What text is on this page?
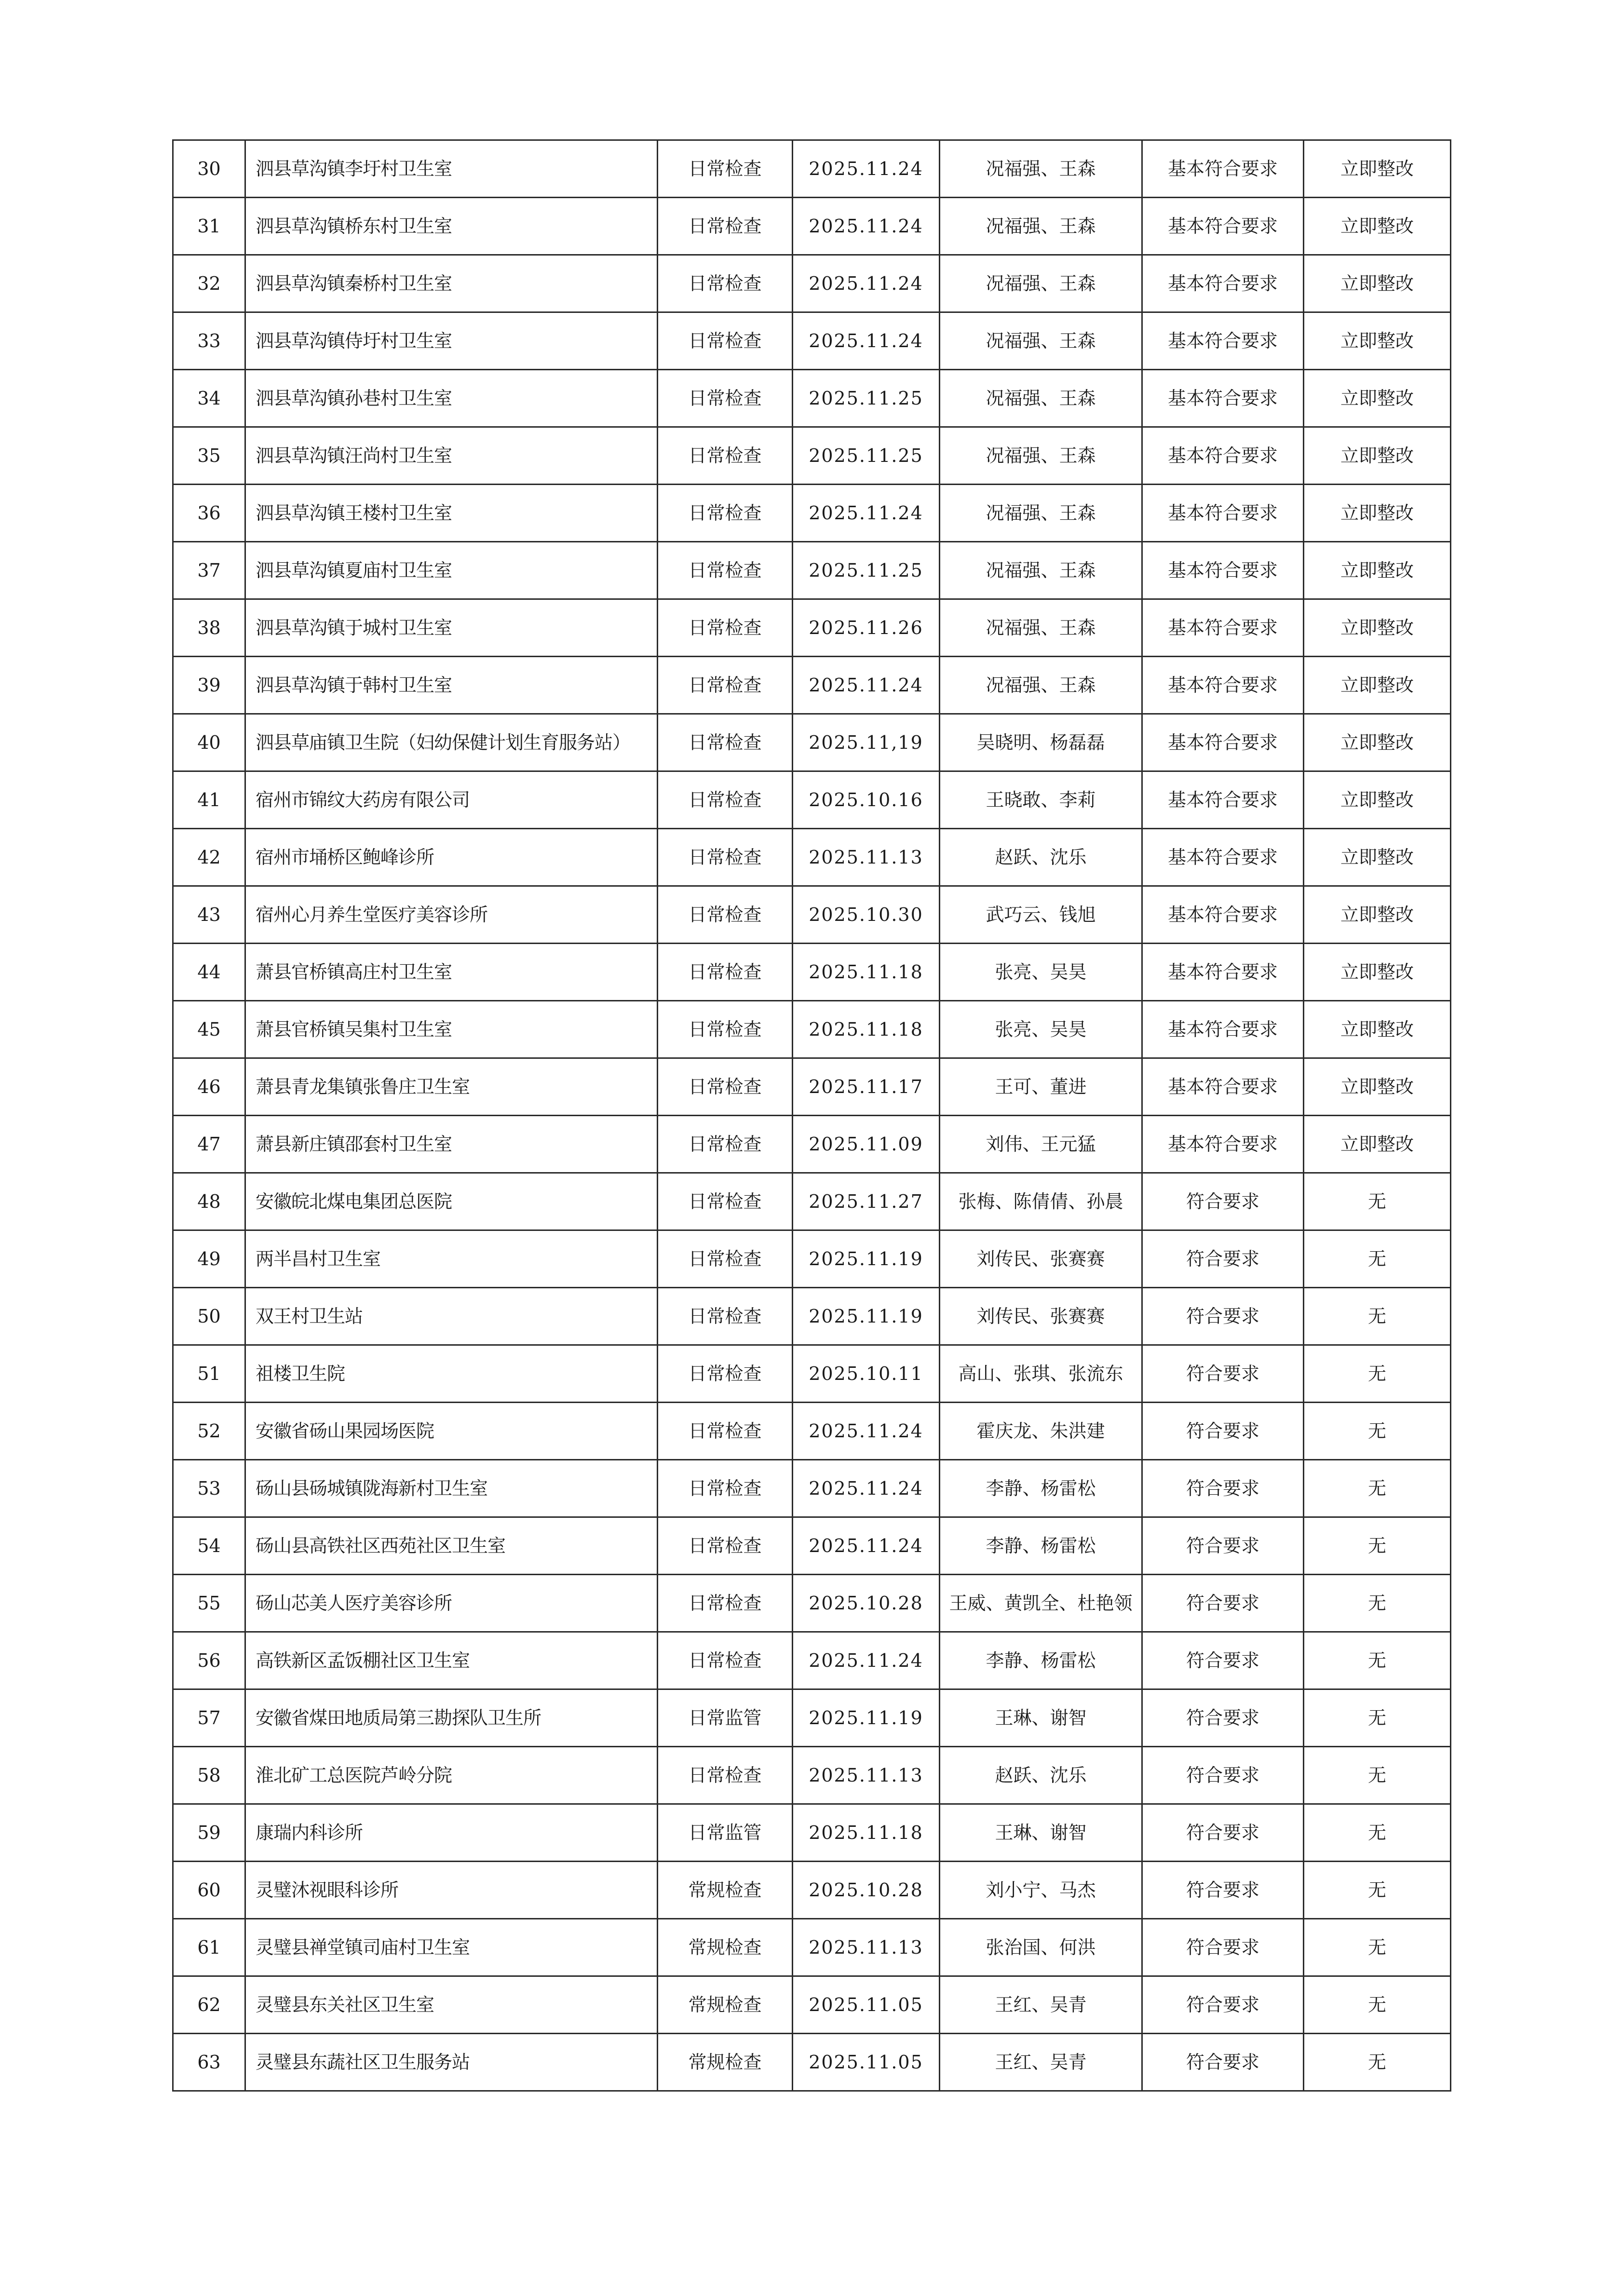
30	泗县草沟镇李圩村卫生室	日常检查	2025.11.24	况福强、王森	基本符合要求	立即整改
31	泗县草沟镇桥东村卫生室	日常检查	2025.11.24	况福强、王森	基本符合要求	立即整改
32	泗县草沟镇秦桥村卫生室	日常检查	2025.11.24	况福强、王森	基本符合要求	立即整改
33	泗县草沟镇侍圩村卫生室	日常检查	2025.11.24	况福强、王森	基本符合要求	立即整改
34	泗县草沟镇孙巷村卫生室	日常检查	2025.11.25	况福强、王森	基本符合要求	立即整改
35	泗县草沟镇汪尚村卫生室	日常检查	2025.11.25	况福强、王森	基本符合要求	立即整改
36	泗县草沟镇王楼村卫生室	日常检查	2025.11.24	况福强、王森	基本符合要求	立即整改
37	泗县草沟镇夏庙村卫生室	日常检查	2025.11.25	况福强、王森	基本符合要求	立即整改
38	泗县草沟镇于城村卫生室	日常检查	2025.11.26	况福强、王森	基本符合要求	立即整改
39	泗县草沟镇于韩村卫生室	日常检查	2025.11.24	况福强、王森	基本符合要求	立即整改
40	泗县草庙镇卫生院（妇幼保健计划生育服务站）	日常检查	2025.11,19	吴晓明、杨磊磊	基本符合要求	立即整改
41	宿州市锦纹大药房有限公司	日常检查	2025.10.16	王晓敢、李莉	基本符合要求	立即整改
42	宿州市埇桥区鲍峰诊所	日常检查	2025.11.13	赵跃、沈乐	基本符合要求	立即整改
43	宿州心月养生堂医疗美容诊所	日常检查	2025.10.30	武巧云、钱旭	基本符合要求	立即整改
44	萧县官桥镇高庄村卫生室	日常检查	2025.11.18	张亮、吴昊	基本符合要求	立即整改
45	萧县官桥镇吴集村卫生室	日常检查	2025.11.18	张亮、吴昊	基本符合要求	立即整改
46	萧县青龙集镇张鲁庄卫生室	日常检查	2025.11.17	王可、董进	基本符合要求	立即整改
47	萧县新庄镇邵套村卫生室	日常检查	2025.11.09	刘伟、王元猛	基本符合要求	立即整改
48	安徽皖北煤电集团总医院	日常检查	2025.11.27	张梅、陈倩倩、孙晨	符合要求	无
49	两半昌村卫生室	日常检查	2025.11.19	刘传民、张赛赛	符合要求	无
50	双王村卫生站	日常检查	2025.11.19	刘传民、张赛赛	符合要求	无
51	祖楼卫生院	日常检查	2025.10.11	高山、张琪、张流东	符合要求	无
52	安徽省砀山果园场医院	日常检查	2025.11.24	霍庆龙、朱洪建	符合要求	无
53	砀山县砀城镇陇海新村卫生室	日常检查	2025.11.24	李静、杨雷松	符合要求	无
54	砀山县高铁社区西苑社区卫生室	日常检查	2025.11.24	李静、杨雷松	符合要求	无
55	砀山芯美人医疗美容诊所	日常检查	2025.10.28	王威、黄凯全、杜艳领	符合要求	无
56	高铁新区孟饭棚社区卫生室	日常检查	2025.11.24	李静、杨雷松	符合要求	无
57	安徽省煤田地质局第三勘探队卫生所	日常监管	2025.11.19	王琳、谢智	符合要求	无
58	淮北矿工总医院芦岭分院	日常检查	2025.11.13	赵跃、沈乐	符合要求	无
59	康瑞内科诊所	日常监管	2025.11.18	王琳、谢智	符合要求	无
60	灵璧沐视眼科诊所	常规检查	2025.10.28	刘小宁、马杰	符合要求	无
61	灵璧县禅堂镇司庙村卫生室	常规检查	2025.11.13	张治国、何洪	符合要求	无
62	灵璧县东关社区卫生室	常规检查	2025.11.05	王红、吴青	符合要求	无
63	灵璧县东蔬社区卫生服务站	常规检查	2025.11.05	王红、吴青	符合要求	无
